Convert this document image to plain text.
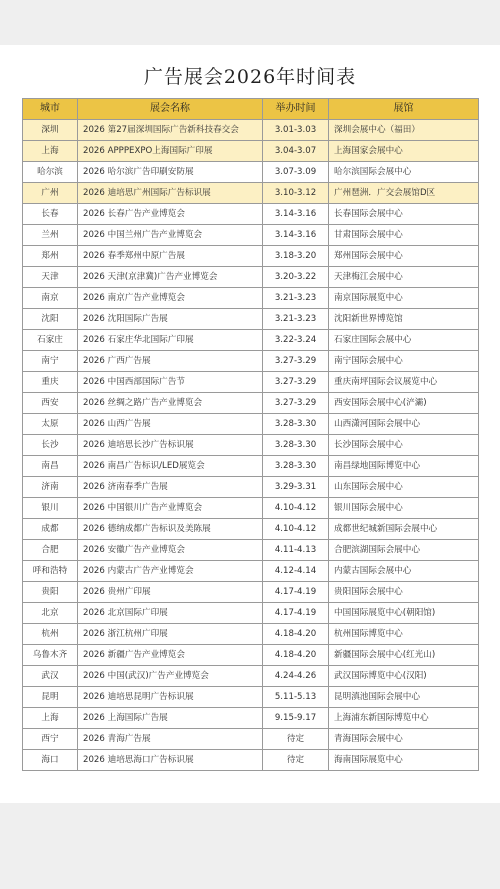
广告展会2026年时间表
城市	展会名称	举办时间	展馆
深圳	2026 第27届深圳国际广告新科技春交会	3.01-3.03	深圳会展中心（福田）
上海	2026 APPPEXPO上海国际广印展	3.04-3.07	上海国家会展中心
哈尔滨	2026 哈尔滨广告印刷安防展	3.07-3.09	哈尔滨国际会展中心
广州	2026 迪培思广州国际广告标识展	3.10-3.12	广州琶洲．广交会展馆D区
长春	2026 长春广告产业博览会	3.14-3.16	长春国际会展中心
兰州	2026 中国兰州广告产业博览会	3.14-3.16	甘肃国际会展中心
郑州	2026 春季郑州中原广告展	3.18-3.20	郑州国际会展中心
天津	2026 天津(京津冀)广告产业博览会	3.20-3.22	天津梅江会展中心
南京	2026 南京广告产业博览会	3.21-3.23	南京国际展览中心
沈阳	2026 沈阳国际广告展	3.21-3.23	沈阳新世界博览馆
石家庄	2026 石家庄华北国际广印展	3.22-3.24	石家庄国际会展中心
南宁	2026 广西广告展	3.27-3.29	南宁国际会展中心
重庆	2026 中国西部国际广告节	3.27-3.29	重庆南坪国际会议展览中心
西安	2026 丝绸之路广告产业博览会	3.27-3.29	西安国际会展中心(浐灞)
太原	2026 山西广告展	3.28-3.30	山西潇河国际会展中心
长沙	2026 迪培思长沙广告标识展	3.28-3.30	长沙国际会展中心
南昌	2026 南昌广告标识/LED展览会	3.28-3.30	南昌绿地国际博览中心
济南	2026 济南春季广告展	3.29-3.31	山东国际会展中心
银川	2026 中国银川广告产业博览会	4.10-4.12	银川国际会展中心
成都	2026 德纳成都广告标识及美陈展	4.10-4.12	成都世纪城新国际会展中心
合肥	2026 安徽广告产业博览会	4.11-4.13	合肥滨湖国际会展中心
呼和浩特	2026 内蒙古广告产业博览会	4.12-4.14	内蒙古国际会展中心
贵阳	2026 贵州广印展	4.17-4.19	贵阳国际会展中心
北京	2026 北京国际广印展	4.17-4.19	中国国际展览中心(朝阳馆)
杭州	2026 浙江杭州广印展	4.18-4.20	杭州国际博览中心
乌鲁木齐	2026 新疆广告产业博览会	4.18-4.20	新疆国际会展中心(红光山)
武汉	2026 中国(武汉)广告产业博览会	4.24-4.26	武汉国际博览中心(汉阳)
昆明	2026 迪培思昆明广告标识展	5.11-5.13	昆明滇池国际会展中心
上海	2026 上海国际广告展	9.15-9.17	上海浦东新国际博览中心
西宁	2026 青海广告展	待定	青海国际会展中心
海口	2026 迪培思海口广告标识展	待定	海南国际展览中心
